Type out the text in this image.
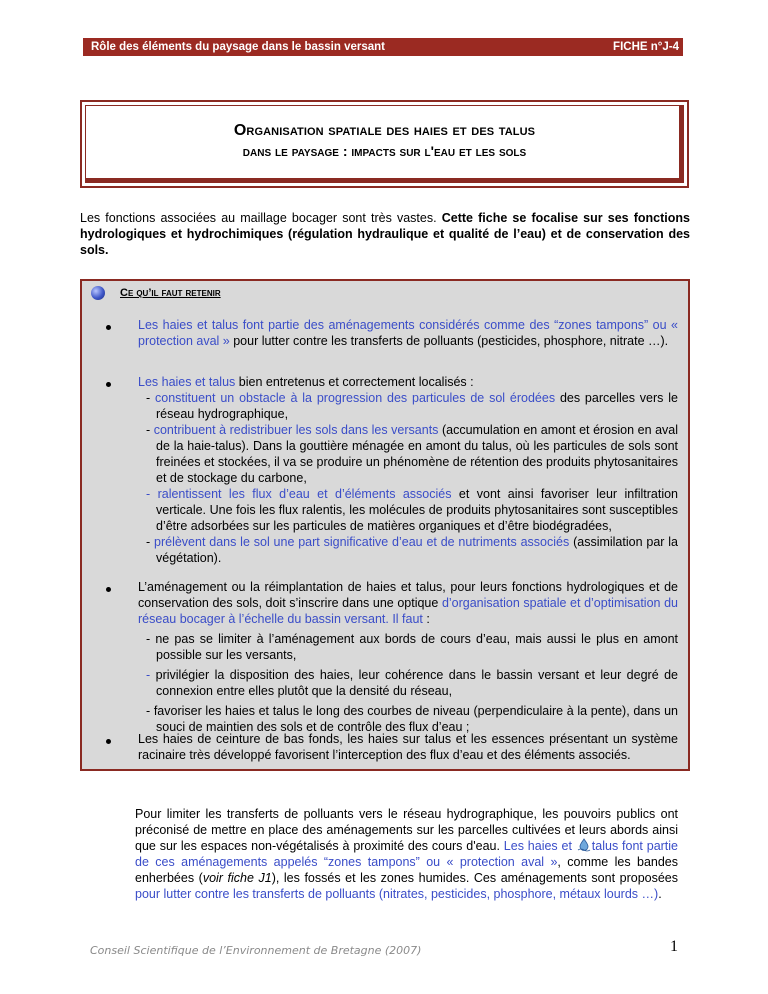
Rôle des éléments du paysage dans le bassin versant	FICHE n°J-4
Organisation spatiale des haies et des talus
dans le paysage : impacts sur l'eau et les sols
Les fonctions associées au maillage bocager sont très vastes. Cette fiche se focalise sur ses fonctions hydrologiques et hydrochimiques (régulation hydraulique et qualité de l’eau) et de conservation des sols.
Ce qu’il faut retenir
Les haies et talus font partie des aménagements considérés comme des “zones tampons” ou « protection aval » pour lutter contre les transferts de polluants (pesticides, phosphore, nitrate …).
Les haies et talus bien entretenus et correctement localisés :
- constituent un obstacle à la progression des particules de sol érodées des parcelles vers le réseau hydrographique,
- contribuent à redistribuer les sols dans les versants (accumulation en amont et érosion en aval de la haie-talus). Dans la gouttière ménagée en amont du talus, où les particules de sols sont freinées et stockées, il va se produire un phénomène de rétention des produits phytosanitaires et de stockage du carbone,
- ralentissent les flux d’eau et d’éléments associés et vont ainsi favoriser leur infiltration verticale. Une fois les flux ralentis, les molécules de produits phytosanitaires sont susceptibles d’être adsorbées sur les particules de matières organiques et d’être biodégradées,
- prélèvent dans le sol une part significative d’eau et de nutriments associés (assimilation par la végétation).
L’aménagement ou la réimplantation de haies et talus, pour leurs fonctions hydrologiques et de conservation des sols, doit s’inscrire dans une optique d’organisation spatiale et d’optimisation du réseau bocager à l’échelle du bassin versant. Il faut :
- ne pas se limiter à l’aménagement aux bords de cours d’eau, mais aussi le plus en amont possible sur les versants,
- privilégier la disposition des haies, leur cohérence dans le bassin versant et leur degré de connexion entre elles plutôt que la densité du réseau,
- favoriser les haies et talus le long des courbes de niveau (perpendiculaire à la pente), dans un souci de maintien des sols et de contrôle des flux d’eau ;
Les haies de ceinture de bas fonds, les haies sur talus et les essences présentant un système racinaire très développé favorisent l’interception des flux d’eau et des éléments associés.
Pour limiter les transferts de polluants vers le réseau hydrographique, les pouvoirs publics ont préconisé de mettre en place des aménagements sur les parcelles cultivées et leurs abords ainsi que sur les espaces non-végétalisés à proximité des cours d'eau. Les haies et talus font partie de ces aménagements appelés “zones tampons” ou « protection aval », comme les bandes enherbées (voir fiche J1), les fossés et les zones humides. Ces aménagements sont proposées pour lutter contre les transferts de polluants (nitrates, pesticides, phosphore, métaux lourds …).
Conseil Scientifique de l’Environnement de Bretagne (2007)	1
